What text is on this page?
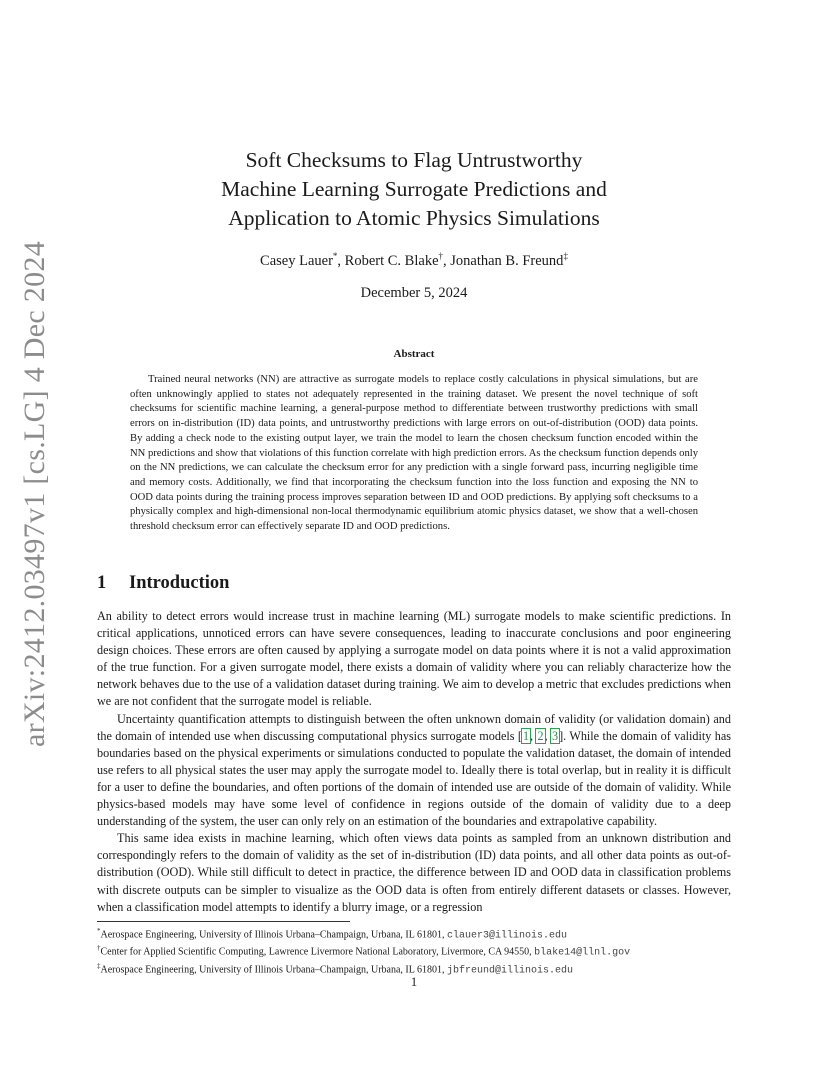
arXiv:2412.03497v1 [cs.LG] 4 Dec 2024
Soft Checksums to Flag Untrustworthy
Machine Learning Surrogate Predictions and
Application to Atomic Physics Simulations
Casey Lauer*, Robert C. Blake†, Jonathan B. Freund‡
December 5, 2024
Abstract

Trained neural networks (NN) are attractive as surrogate models to replace costly calculations in physical simulations, but are often unknowingly applied to states not adequately represented in the training dataset. We present the novel technique of soft checksums for scientific machine learning, a general-purpose method to differentiate between trustworthy predictions with small errors on in-distribution (ID) data points, and untrustworthy predictions with large errors on out-of-distribution (OOD) data points. By adding a check node to the existing output layer, we train the model to learn the chosen checksum function encoded within the NN predictions and show that violations of this function correlate with high prediction errors. As the checksum function depends only on the NN predictions, we can calculate the checksum error for any prediction with a single forward pass, incurring negligible time and memory costs. Additionally, we find that incorporating the checksum function into the loss function and exposing the NN to OOD data points during the training process improves separation between ID and OOD predictions. By applying soft checksums to a physically complex and high-dimensional non-local thermodynamic equilibrium atomic physics dataset, we show that a well-chosen threshold checksum error can effectively separate ID and OOD predictions.

1 Introduction

An ability to detect errors would increase trust in machine learning (ML) surrogate models to make scientific predictions. In critical applications, unnoticed errors can have severe consequences, leading to inaccurate conclusions and poor engineering design choices. These errors are often caused by applying a surrogate model on data points where it is not a valid approximation of the true function. For a given surrogate model, there exists a domain of validity where you can reliably characterize how the network behaves due to the use of a validation dataset during training. We aim to develop a metric that excludes predictions when we are not confident that the surrogate model is reliable.

Uncertainty quantification attempts to distinguish between the often unknown domain of validity (or validation domain) and the domain of intended use when discussing computational physics surrogate models [1, 2, 3]. While the domain of validity has boundaries based on the physical experiments or simulations conducted to populate the validation dataset, the domain of intended use refers to all physical states the user may apply the surrogate model to. Ideally there is total overlap, but in reality it is difficult for a user to define the boundaries, and often portions of the domain of intended use are outside of the domain of validity. While physics-based models may have some level of confidence in regions outside of the domain of validity due to a deep understanding of the system, the user can only rely on an estimation of the boundaries and extrapolative capability.

This same idea exists in machine learning, which often views data points as sampled from an unknown distribution and correspondingly refers to the domain of validity as the set of in-distribution (ID) data points, and all other data points as out-of-distribution (OOD). While still difficult to detect in practice, the difference between ID and OOD data in classification problems with discrete outputs can be simpler to visualize as the OOD data is often from entirely different datasets or classes. However, when a classification model attempts to identify a blurry image, or a regression

*Aerospace Engineering, University of Illinois Urbana–Champaign, Urbana, IL 61801, clauer3@illinois.edu
†Center for Applied Scientific Computing, Lawrence Livermore National Laboratory, Livermore, CA 94550, blake14@llnl.gov
‡Aerospace Engineering, University of Illinois Urbana–Champaign, Urbana, IL 61801, jbfreund@illinois.edu
1
